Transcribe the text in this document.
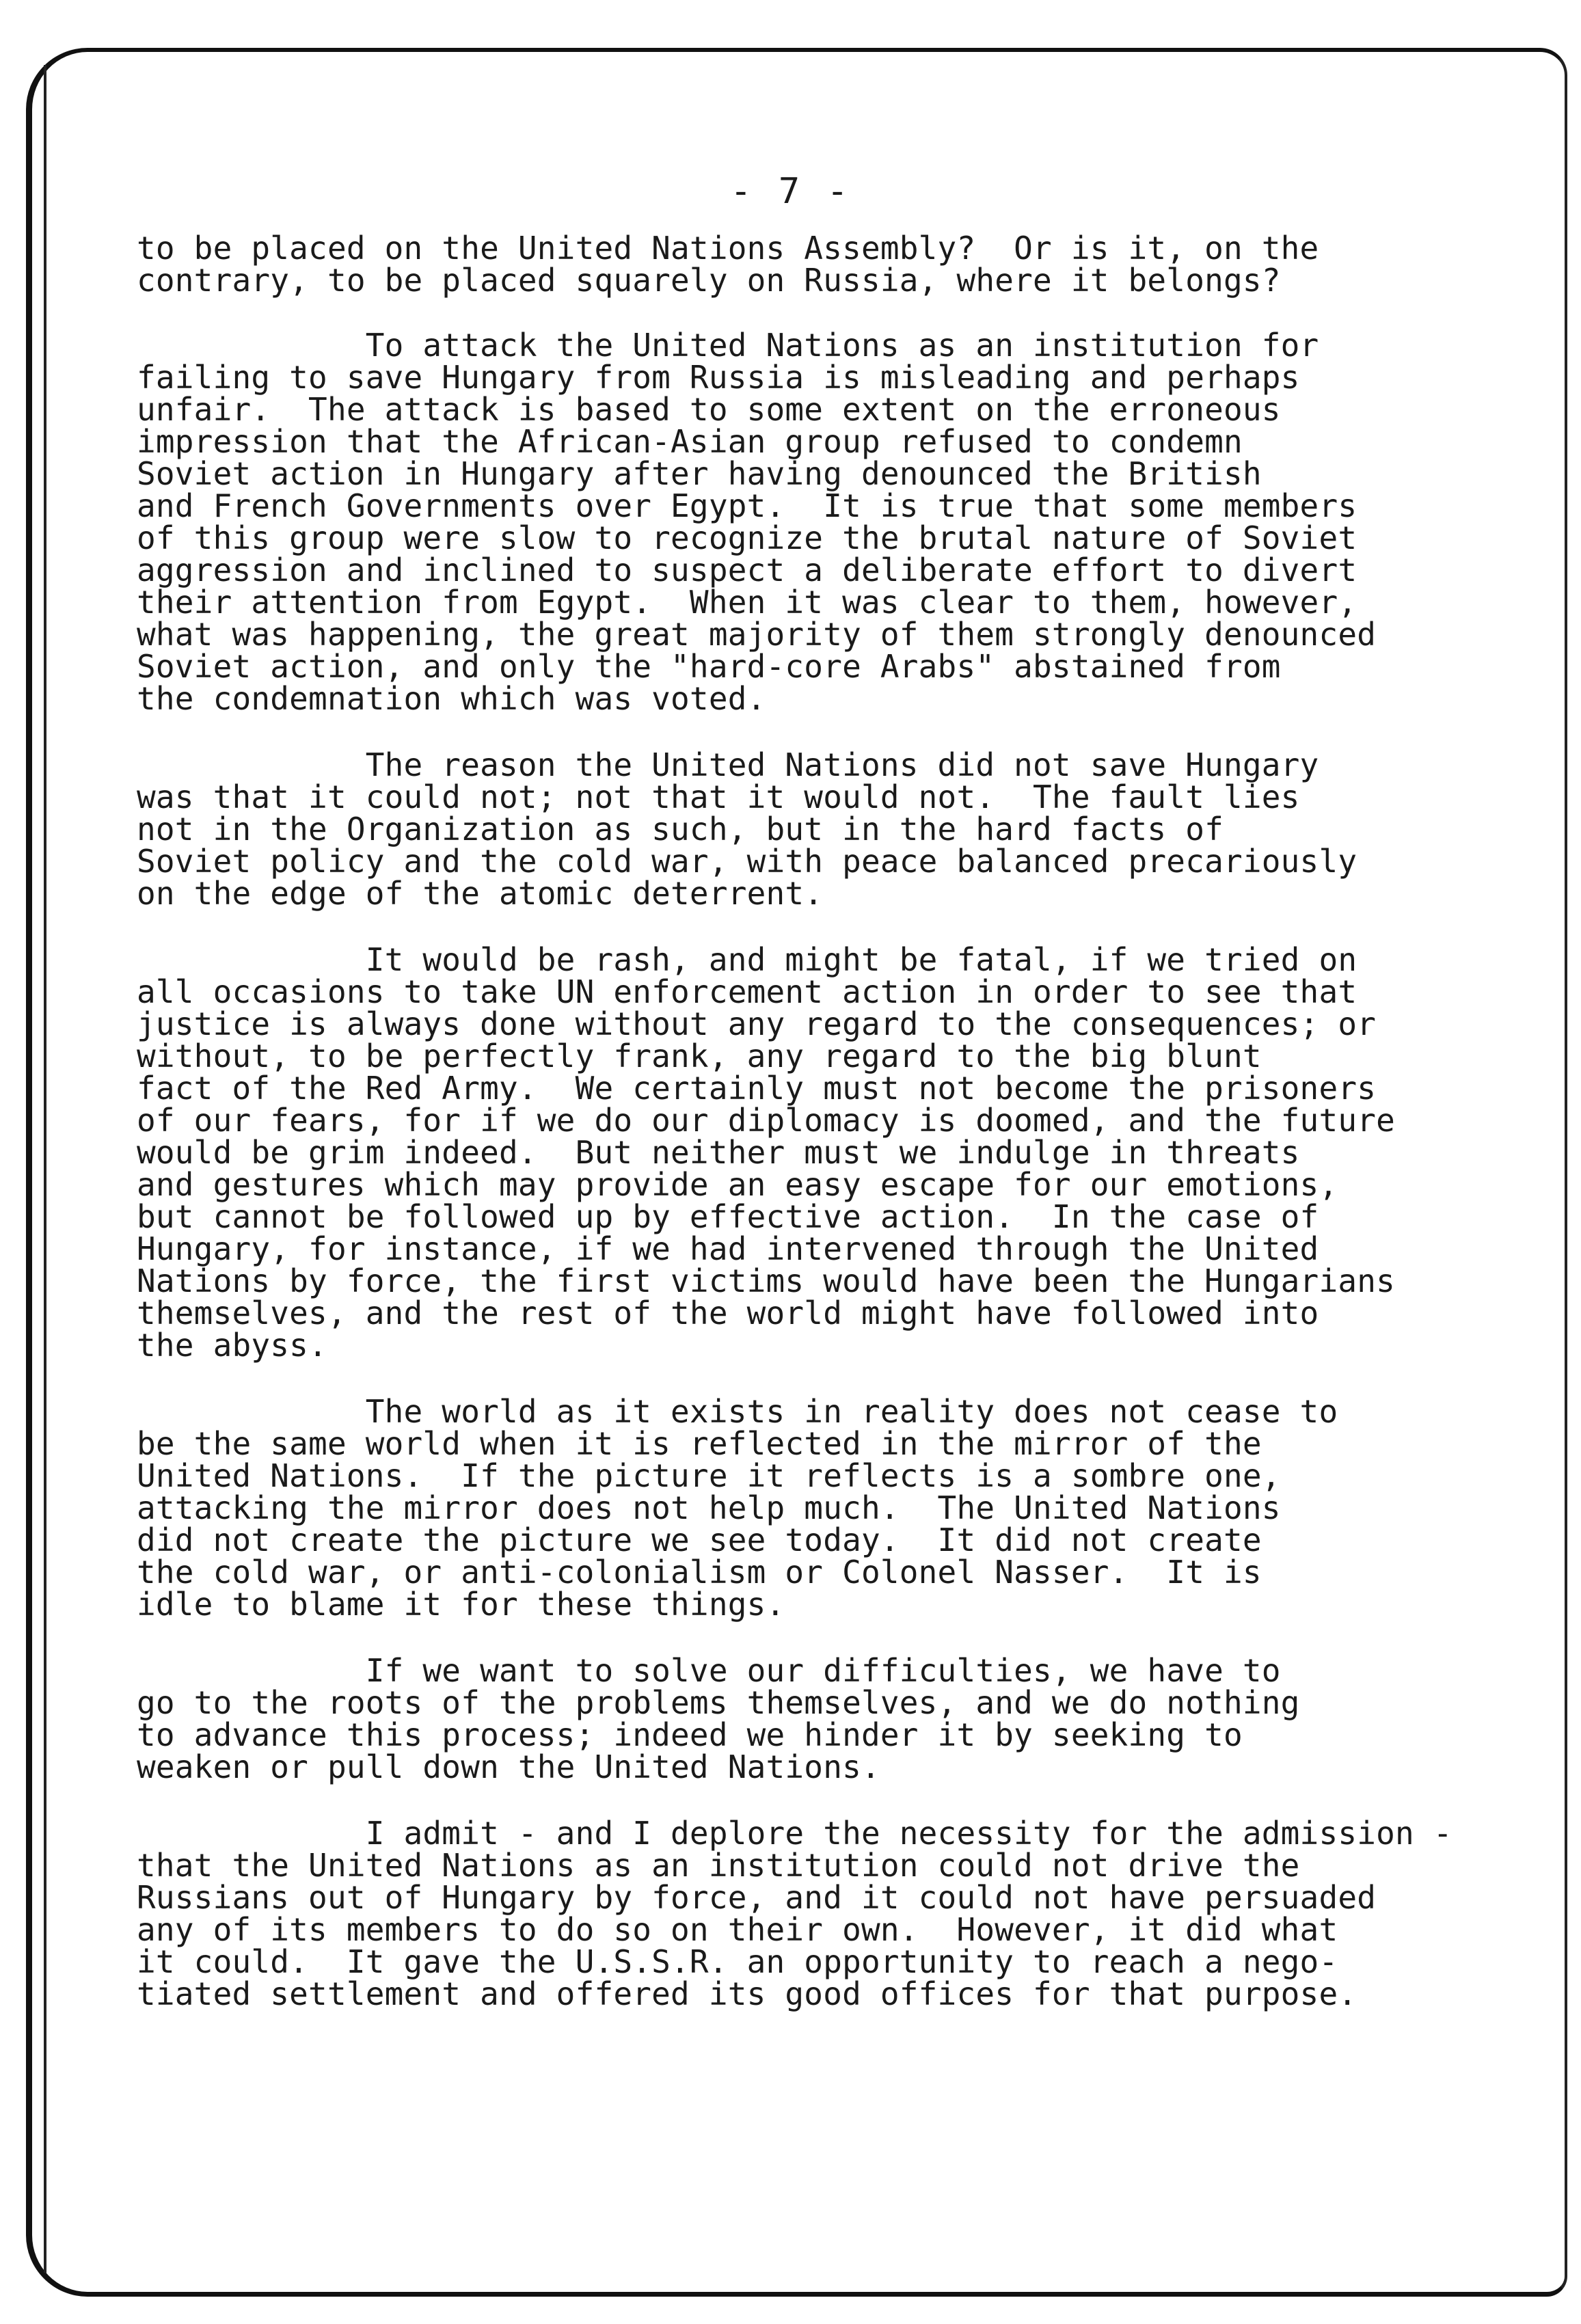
- 7 -
to be placed on the United Nations Assembly?  Or is it, on the
contrary, to be placed squarely on Russia, where it belongs?
To attack the United Nations as an institution for
failing to save Hungary from Russia is misleading and perhaps
unfair.  The attack is based to some extent on the erroneous
impression that the African-Asian group refused to condemn
Soviet action in Hungary after having denounced the British
and French Governments over Egypt.  It is true that some members
of this group were slow to recognize the brutal nature of Soviet
aggression and inclined to suspect a deliberate effort to divert
their attention from Egypt.  When it was clear to them, however,
what was happening, the great majority of them strongly denounced
Soviet action, and only the "hard-core Arabs" abstained from
the condemnation which was voted.
The reason the United Nations did not save Hungary
was that it could not; not that it would not.  The fault lies
not in the Organization as such, but in the hard facts of
Soviet policy and the cold war, with peace balanced precariously
on the edge of the atomic deterrent.
It would be rash, and might be fatal, if we tried on
all occasions to take UN enforcement action in order to see that
justice is always done without any regard to the consequences; or
without, to be perfectly frank, any regard to the big blunt
fact of the Red Army.  We certainly must not become the prisoners
of our fears, for if we do our diplomacy is doomed, and the future
would be grim indeed.  But neither must we indulge in threats
and gestures which may provide an easy escape for our emotions,
but cannot be followed up by effective action.  In the case of
Hungary, for instance, if we had intervened through the United
Nations by force, the first victims would have been the Hungarians
themselves, and the rest of the world might have followed into
the abyss.
The world as it exists in reality does not cease to
be the same world when it is reflected in the mirror of the
United Nations.  If the picture it reflects is a sombre one,
attacking the mirror does not help much.  The United Nations
did not create the picture we see today.  It did not create
the cold war, or anti-colonialism or Colonel Nasser.  It is
idle to blame it for these things.
If we want to solve our difficulties, we have to
go to the roots of the problems themselves, and we do nothing
to advance this process; indeed we hinder it by seeking to
weaken or pull down the United Nations.
I admit - and I deplore the necessity for the admission -
that the United Nations as an institution could not drive the
Russians out of Hungary by force, and it could not have persuaded
any of its members to do so on their own.  However, it did what
it could.  It gave the U.S.S.R. an opportunity to reach a nego-
tiated settlement and offered its good offices for that purpose.
